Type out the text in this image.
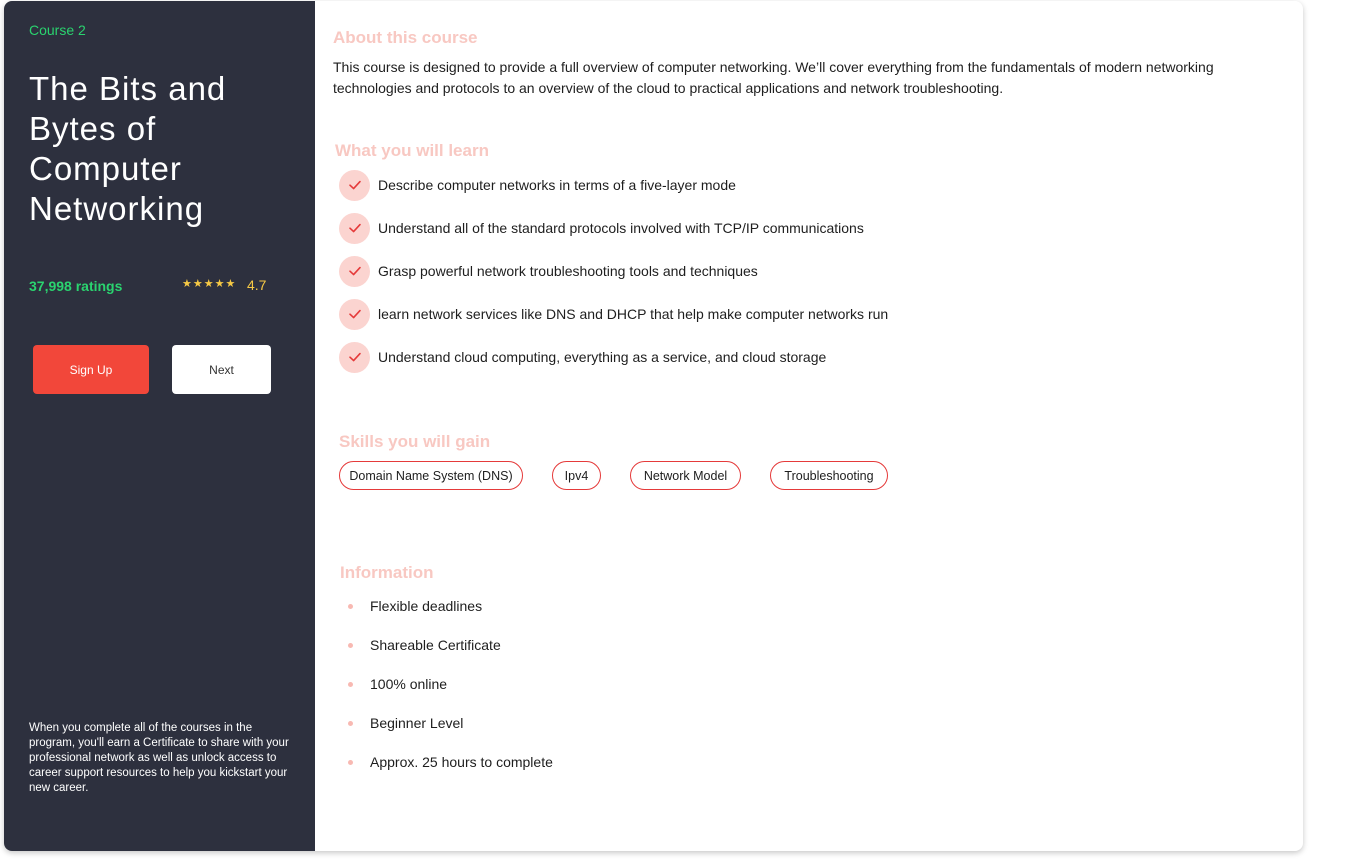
Course 2
The Bits and Bytes of Computer Networking
37,998 ratings	★★★★★ 4.7
Sign Up	Next
When you complete all of the courses in the program, you'll earn a Certificate to share with your professional network as well as unlock access to career support resources to help you kickstart your new career.
About this course
This course is designed to provide a full overview of computer networking. We’ll cover everything from the fundamentals of modern networking technologies and protocols to an overview of the cloud to practical applications and network troubleshooting.
What you will learn
Describe computer networks in terms of a five-layer mode
Understand all of the standard protocols involved with TCP/IP communications
Grasp powerful network troubleshooting tools and techniques
learn network services like DNS and DHCP that help make computer networks run
Understand cloud computing, everything as a service, and cloud storage
Skills you will gain
Domain Name System (DNS)	Ipv4	Network Model	Troubleshooting
Information
Flexible deadlines
Shareable Certificate
100% online
Beginner Level
Approx. 25 hours to complete
